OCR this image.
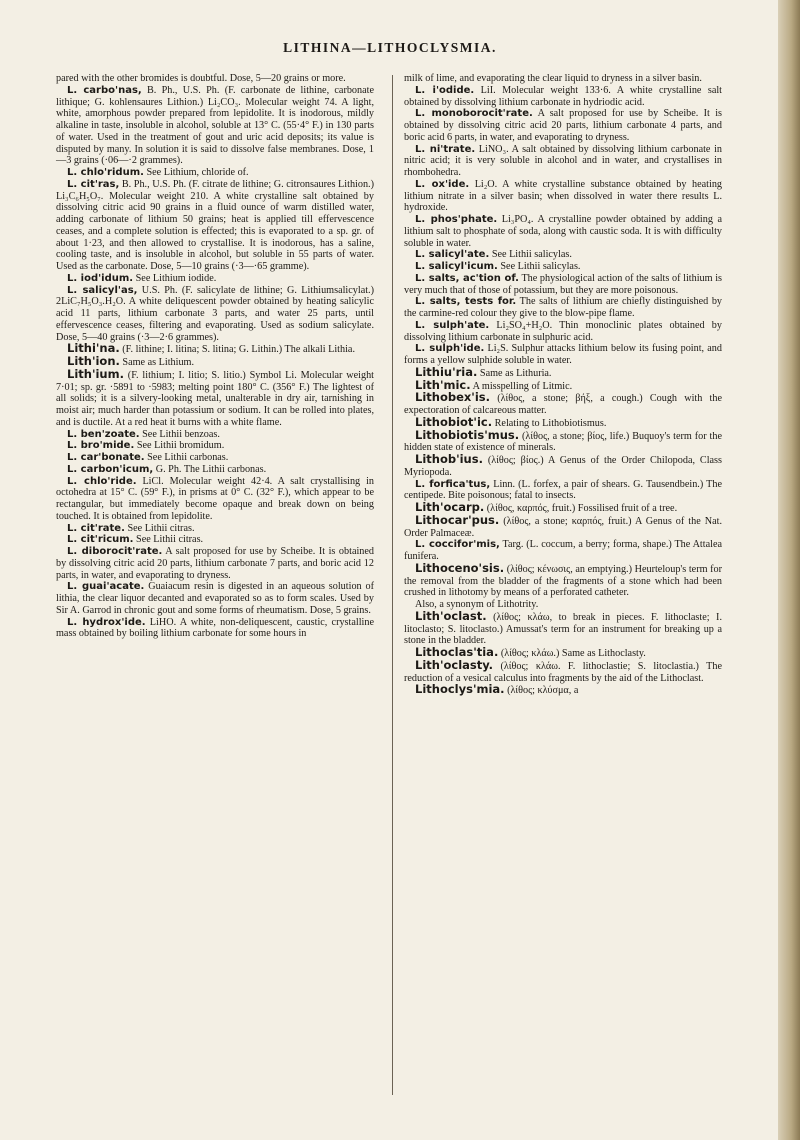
LITHINA—LITHOCLYSMIA.

pared with the other bromides is doubtful. Dose, 5—20 grains or more.

L. carbo'nas, B. Ph., U.S. Ph. (F. carbonate de lithine, carbonate lithique; G. kohlensaures Lithion.) Li₂CO₃. Molecular weight 74. A light, white, amorphous powder prepared from lepidolite. It is inodorous, mildly alkaline in taste, insoluble in alcohol, soluble at 13° C. (55·4° F.) in 130 parts of water. Used in the treatment of gout and uric acid deposits; its value is disputed by many. In solution it is said to dissolve false membranes. Dose, 1—3 grains (·06—·2 grammes).

L. chlo'ridum. See Lithium, chloride of.

L. cit'ras, B. Ph., U.S. Ph. (F. citrate de lithine; G. citronsaures Lithion.) Li₃C₆H₅O₇. Molecular weight 210. A white crystalline salt obtained by dissolving citric acid 90 grains in a fluid ounce of warm distilled water, adding carbonate of lithium 50 grains; heat is applied till effervescence ceases, and a complete solution is effected; this is evaporated to a sp. gr. of about 1·23, and then allowed to crystallise. It is inodorous, has a saline, cooling taste, and is insoluble in alcohol, but soluble in 55 parts of water. Used as the carbonate. Dose, 5—10 grains (·3—·65 gramme).

L. iod'idum. See Lithium iodide.

L. salicyl'as, U.S. Ph. (F. salicylate de lithine; G. Lithiumsalicylat.) 2LiC₇H₅O₃.H₂O. A white deliquescent powder obtained by heating salicylic acid 11 parts, lithium carbonate 3 parts, and water 25 parts, until effervescence ceases, filtering and evaporating. Used as sodium salicylate. Dose, 5—40 grains (·3—2·6 grammes).

Lithi'na. (F. lithine; I. litina; S. litina; G. Lithin.) The alkali Lithia.

Lith'ion. Same as Lithium.

Lith'ium. (F. lithium; I. litio; S. litio.) Symbol Li. Molecular weight 7·01; sp. gr. ·5891 to ·5983; melting point 180° C. (356° F.) The lightest of all solids; it is a silvery-looking metal, unalterable in dry air, tarnishing in moist air; much harder than potassium or sodium. It can be rolled into plates, and is ductile. At a red heat it burns with a white flame.

L. ben'zoate. See Lithii benzoas.

L. bro'mide. See Lithii bromidum.

L. car'bonate. See Lithii carbonas.

L. carbon'icum, G. Ph. The Lithii carbonas.

L. chlo'ride. LiCl. Molecular weight 42·4. A salt crystallising in octohedra at 15° C. (59° F.), in prisms at 0° C. (32° F.), which appear to be rectangular, but immediately become opaque and break down on being touched. It is obtained from lepidolite.

L. cit'rate. See Lithii citras.

L. cit'ricum. See Lithii citras.

L. diborocit'rate. A salt proposed for use by Scheibe. It is obtained by dissolving citric acid 20 parts, lithium carbonate 7 parts, and boric acid 12 parts, in water, and evaporating to dryness.

L. guai'acate. Guaiacum resin is digested in an aqueous solution of lithia, the clear liquor decanted and evaporated so as to form scales. Used by Sir A. Garrod in chronic gout and some forms of rheumatism. Dose, 5 grains.

L. hydrox'ide. LiHO. A white, non-deliquescent, caustic, crystalline mass obtained by boiling lithium carbonate for some hours in

milk of lime, and evaporating the clear liquid to dryness in a silver basin.

L. i'odide. LiI. Molecular weight 133·6. A white crystalline salt obtained by dissolving lithium carbonate in hydriodic acid.

L. monoborocit'rate. A salt proposed for use by Scheibe. It is obtained by dissolving citric acid 20 parts, lithium carbonate 4 parts, and boric acid 6 parts, in water, and evaporating to dryness.

L. ni'trate. LiNO₃. A salt obtained by dissolving lithium carbonate in nitric acid; it is very soluble in alcohol and in water, and crystallises in rhombohedra.

L. ox'ide. Li₂O. A white crystalline substance obtained by heating lithium nitrate in a silver basin; when dissolved in water there results L. hydroxide.

L. phos'phate. Li₃PO₄. A crystalline powder obtained by adding a lithium salt to phosphate of soda, along with caustic soda. It is with difficulty soluble in water.

L. salicyl'ate. See Lithii salicylas.

L. salicyl'icum. See Lithii salicylas.

L. salts, ac'tion of. The physiological action of the salts of lithium is very much that of those of potassium, but they are more poisonous.

L. salts, tests for. The salts of lithium are chiefly distinguished by the carmine-red colour they give to the blow-pipe flame.

L. sulph'ate. Li₂SO₄+H₂O. Thin monoclinic plates obtained by dissolving lithium carbonate in sulphuric acid.

L. sulph'ide. Li₂S. Sulphur attacks lithium below its fusing point, and forms a yellow sulphide soluble in water.

Lithiu'ria. Same as Lithuria.

Lith'mic. A misspelling of Litmic.

Lithobex'is. (λίθος, a stone; βήξ, a cough.) Cough with the expectoration of calcareous matter.

Lithobiot'ic. Relating to Lithobiotismus.

Lithobiotis'mus. (λίθος, a stone; βίος, life.) Buquoy's term for the hidden state of existence of minerals.

Lithob'ius. (λίθος; βίος.) A Genus of the Order Chilopoda, Class Myriopoda.

L. forfica'tus, Linn. (L. forfex, a pair of shears. G. Tausendbein.) The centipede. Bite poisonous; fatal to insects.

Lith'ocarp. (λίθος, καρπός, fruit.) Fossilised fruit of a tree.

Lithocar'pus. (λίθος, a stone; καρπός, fruit.) A Genus of the Nat. Order Palmaceæ.

L. coccifor'mis, Targ. (L. coccum, a berry; forma, shape.) The Attalea funifera.

Lithoceno'sis. (λίθος; κένωσις, an emptying.) Heurteloup's term for the removal from the bladder of the fragments of a stone which had been crushed in lithotomy by means of a perforated catheter.

Also, a synonym of Lithotrity.

Lith'oclast. (λίθος; κλάω, to break in pieces. F. lithoclaste; I. litoclasto; S. litoclasto.) Amussat's term for an instrument for breaking up a stone in the bladder.

Lithoclas'tia. (λίθος; κλάω.) Same as Lithoclasty.

Lith'oclasty. (λίθος; κλάω. F. lithoclastie; S. litoclastia.) The reduction of a vesical calculus into fragments by the aid of the Lithoclast.

Lithoclys'mia. (λίθος; κλύσμα, a
